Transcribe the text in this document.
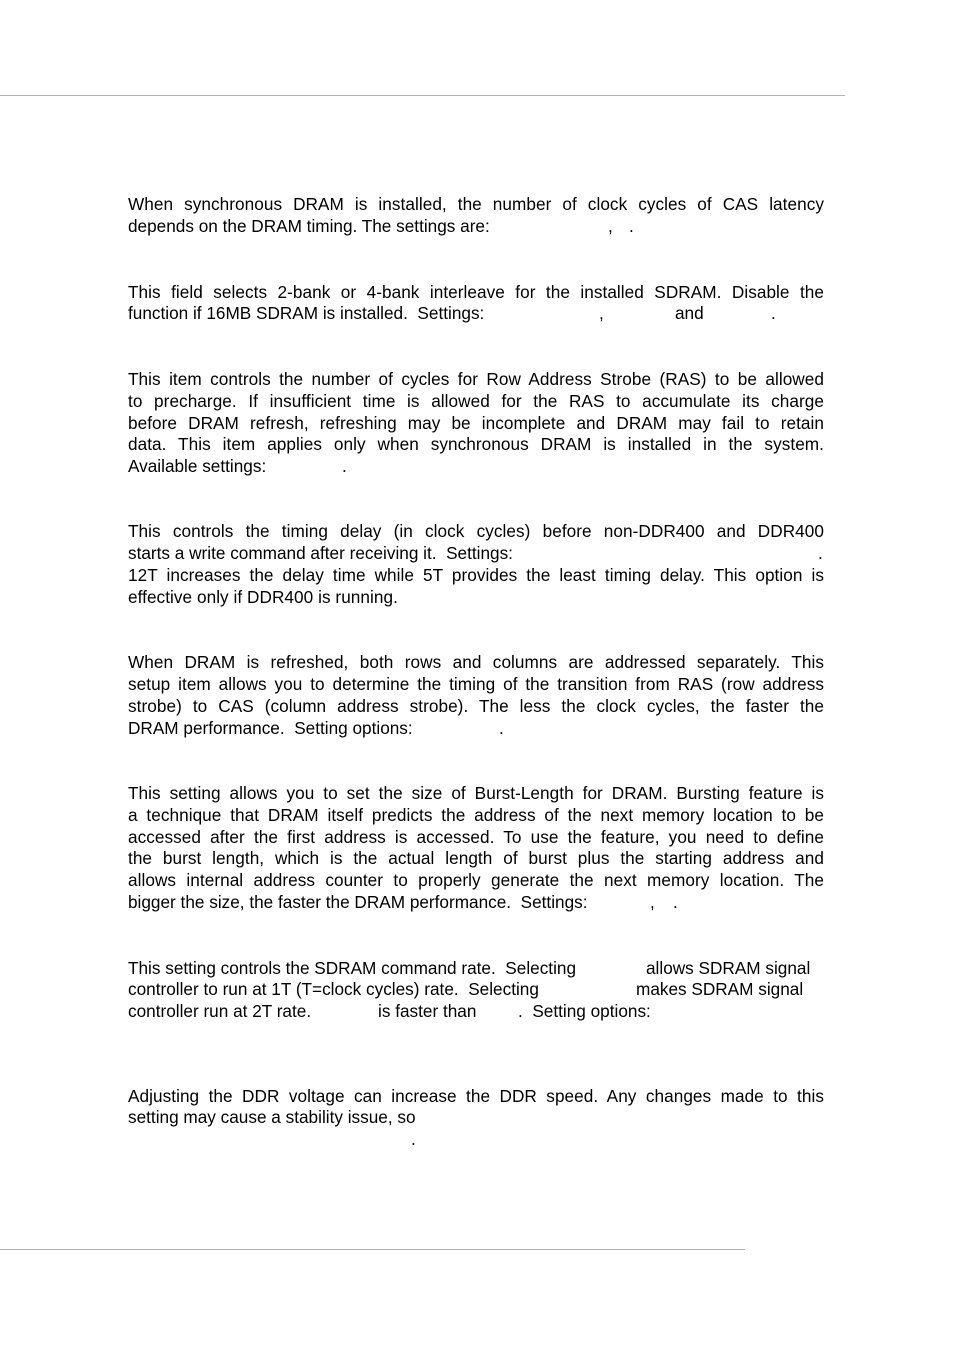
When synchronous DRAM is installed, the number of clock cycles of CAS latency

depends on the DRAM timing. The settings are:	, .

This field selects 2-bank or 4-bank interleave for the installed SDRAM. Disable the

function if 16MB SDRAM is installed.  Settings:	,	and	.

This item controls the number of cycles for Row Address Strobe (RAS) to be allowed
to precharge. If insufficient time is allowed for the RAS to accumulate its charge
before DRAM refresh, refreshing may be incomplete and DRAM may fail to retain
data. This item applies only when synchronous DRAM is installed in the system.

Available settings:	.

This controls the timing delay (in clock cycles) before non-DDR400 and DDR400

starts a write command after receiving it.  Settings:	.

12T increases the delay time while 5T provides the least timing delay. This option is
effective only if DDR400 is running.

When DRAM is refreshed, both rows and columns are addressed separately. This
setup item allows you to determine the timing of the transition from RAS (row address
strobe) to CAS (column address strobe). The less the clock cycles, the faster the

DRAM performance.  Setting options:	.

This setting allows you to set the size of Burst-Length for DRAM. Bursting feature is
a technique that DRAM itself predicts the address of the next memory location to be
accessed after the first address is accessed. To use the feature, you need to define
the burst length, which is the actual length of burst plus the starting address and
allows internal address counter to properly generate the next memory location. The

bigger the size, the faster the DRAM performance.  Settings:	, .
This setting controls the SDRAM command rate.  Selecting	allows SDRAM signal
controller to run at 1T (T=clock cycles) rate.  Selecting	makes SDRAM signal
controller run at 2T rate.	is faster than .  Setting options:

Adjusting the DDR voltage can increase the DDR speed. Any changes made to this

setting may cause a stability issue, so
.
